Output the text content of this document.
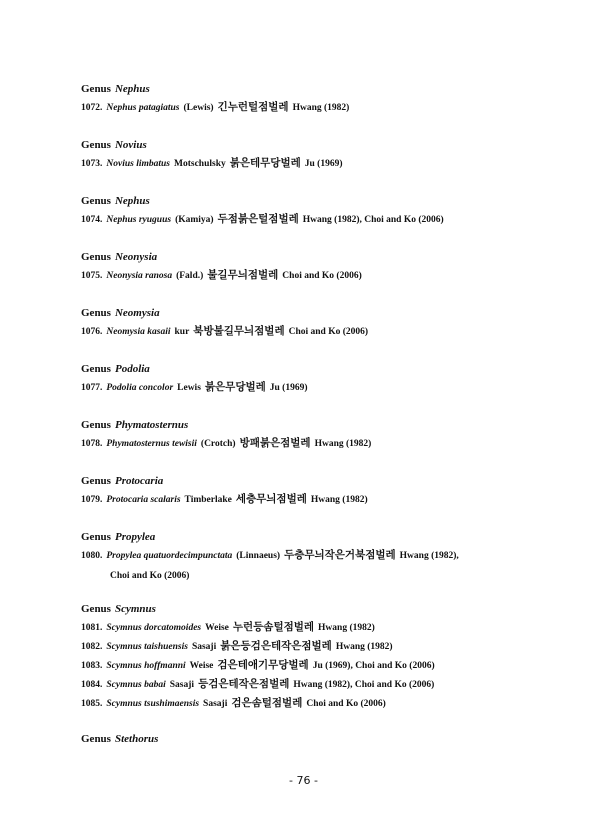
Genus Nephus
1072. Nephus patagiatus (Lewis) 긴누런털점벌레 Hwang (1982)
Genus Novius
1073. Novius limbatus Motschulsky 붉은테무당벌레 Ju (1969)
Genus Nephus
1074. Nephus ryuguus (Kamiya) 두점붉은털점벌레 Hwang (1982), Choi and Ko (2006)
Genus Neonysia
1075. Neonysia ranosa (Fald.) 불길무늬점벌레 Choi and Ko (2006)
Genus Neomysia
1076. Neomysia kasaii kur 북방불길무늬점벌레 Choi and Ko (2006)
Genus Podolia
1077. Podolia concolor Lewis 붉은무당벌레 Ju (1969)
Genus Phymatosternus
1078. Phymatosternus tewisii (Crotch) 방패붉은점벌레 Hwang (1982)
Genus Protocaria
1079. Protocaria scalaris Timberlake 세층무늬점벌레 Hwang (1982)
Genus Propylea
1080. Propylea quatuordecimpunctata (Linnaeus) 두층무늬작은거북점벌레 Hwang (1982),
Choi and Ko (2006)
Genus Scymnus
1081. Scymnus dorcatomoides Weise 누런등솜털점벌레 Hwang (1982)
1082. Scymnus taishuensis Sasaji 붉은등검은테작은점벌레 Hwang (1982)
1083. Scymnus hoffmanni Weise 검은테애기무당벌레 Ju (1969), Choi and Ko (2006)
1084. Scymnus babai Sasaji 등검은테작은점벌레 Hwang (1982), Choi and Ko (2006)
1085. Scymnus tsushimaensis Sasaji 검은솜털점벌레 Choi and Ko (2006)
Genus Stethorus
- 76 -
